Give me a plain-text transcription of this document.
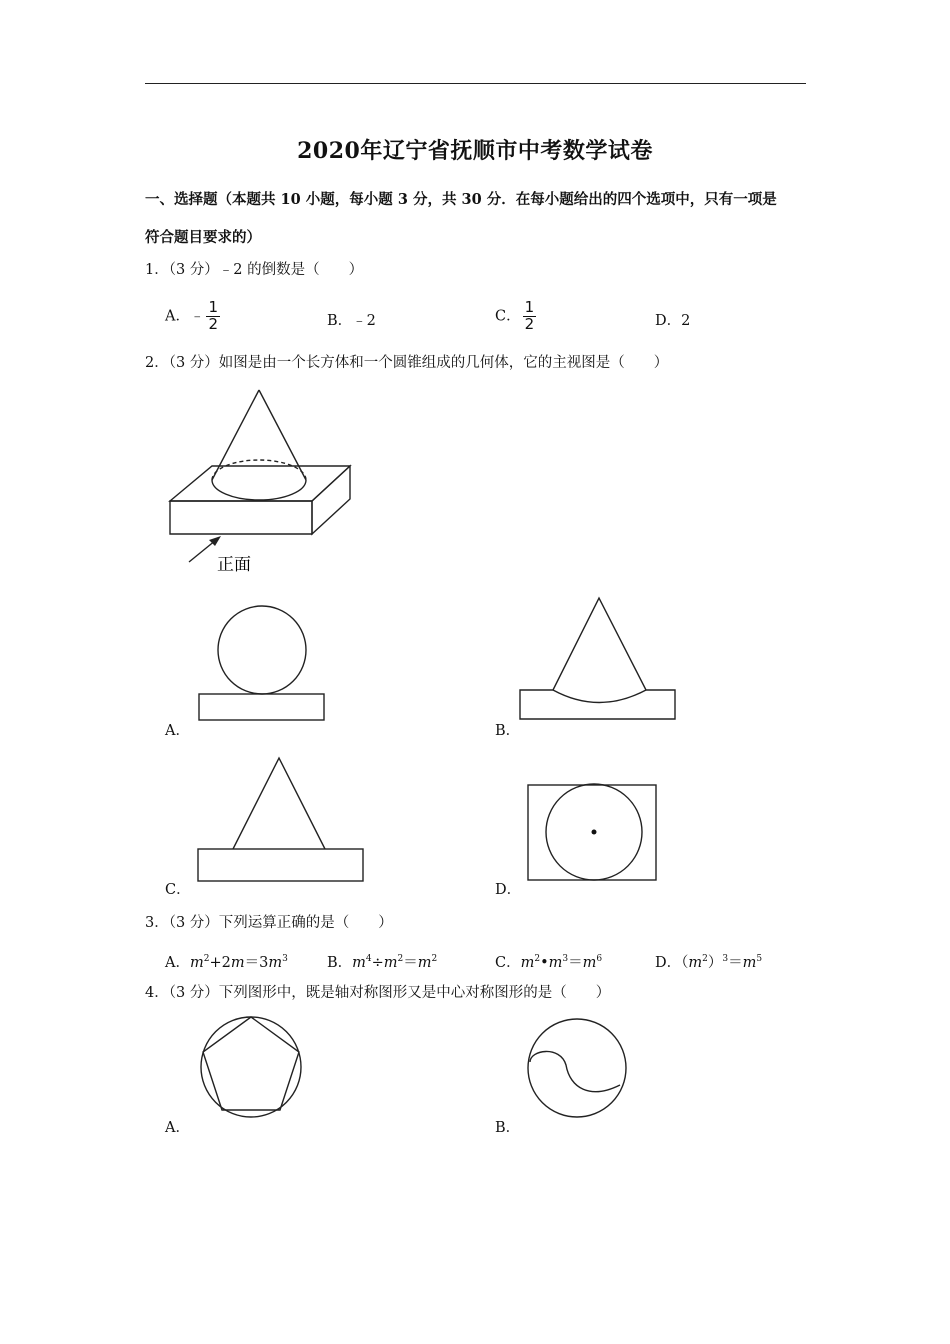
2020年辽宁省抚顺市中考数学试卷
一、选择题（本题共 10 小题，每小题 3 分，共 30 分．在每小题给出的四个选项中，只有一项是
符合题目要求的）
1．（3 分）﹣2 的倒数是（　　）
A．﹣ $\frac{1}{2}$	B．﹣2	C． $\frac{1}{2}$	D．2
2．（3 分）如图是由一个长方体和一个圆锥组成的几何体，它的主视图是（　　）
正面
A．	B．
C．	D．
3．（3 分）下列运算正确的是（　　）
A．$m^2+2m=3m^3$	B．$m^4\div m^2=m^2$	C．$m^2•m^3=m^6$	D．$(m^2)^3=m^5$
4．（3 分）下列图形中，既是轴对称图形又是中心对称图形的是（　　）
A．	B．
